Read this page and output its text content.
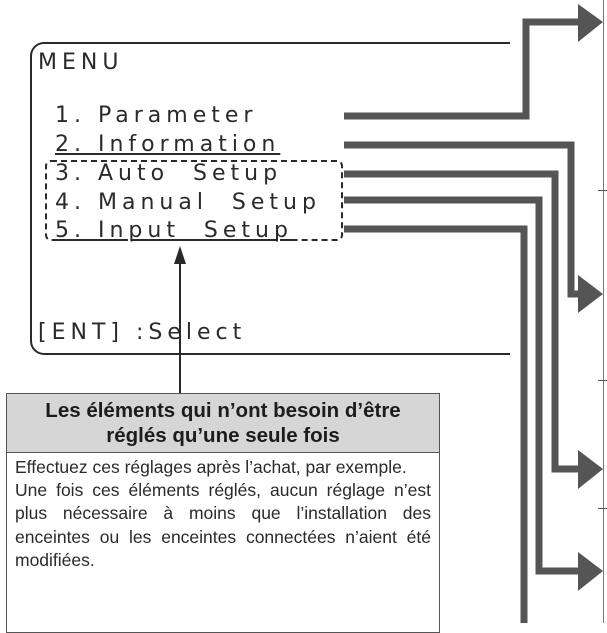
MENU
1. Parameter
2. Information
3. Auto  Setup
4. Manual  Setup
5. Input  Setup
[ENT] :Select
Les éléments qui n’ont besoin d’être
réglés qu’une seule fois

Effectuez ces réglages après l’achat, par exemple.

Une fois ces éléments réglés, aucun réglage n’est plus nécessaire à moins que l’installation des enceintes ou les enceintes connectées n’aient été modifiées.
